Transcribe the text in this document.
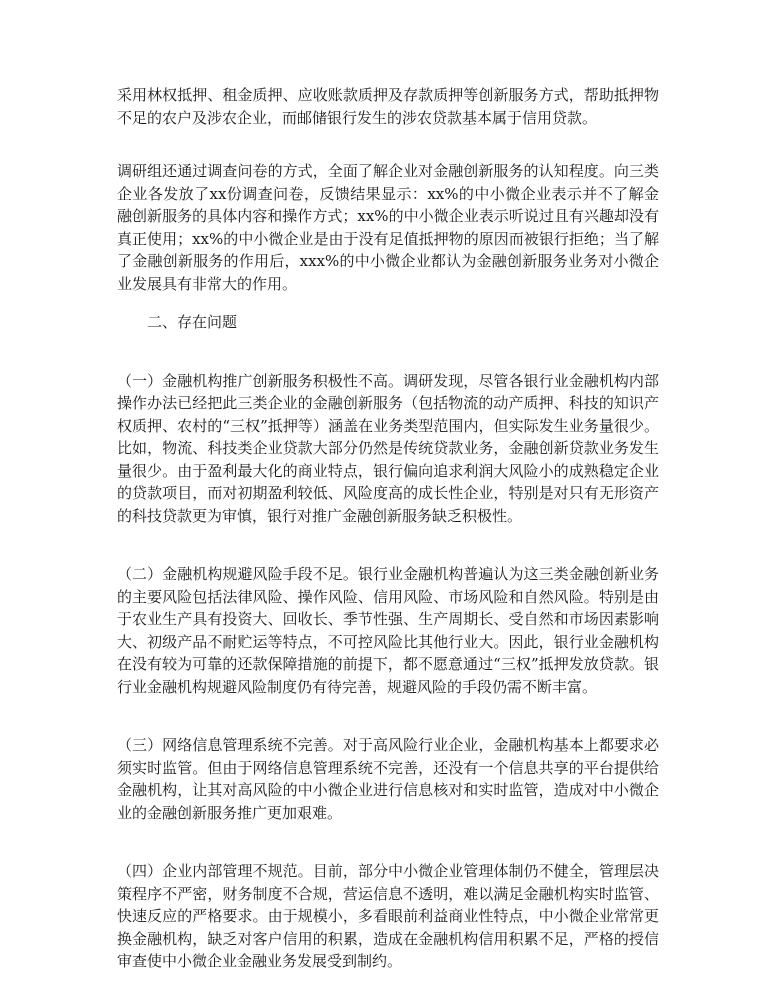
采用林权抵押、租金质押、应收账款质押及存款质押等创新服务方式，帮助抵押物不足的农户及涉农企业，而邮储银行发生的涉农贷款基本属于信用贷款。

调研组还通过调查问卷的方式，全面了解企业对金融创新服务的认知程度。向三类企业各发放了xx份调查问卷，反馈结果显示：xx%的中小微企业表示并不了解金融创新服务的具体内容和操作方式；xx%的中小微企业表示听说过且有兴趣却没有真正使用；xx%的中小微企业是由于没有足值抵押物的原因而被银行拒绝；当了解了金融创新服务的作用后，xxx%的中小微企业都认为金融创新服务业务对小微企业发展具有非常大的作用。

二、存在问题

（一）金融机构推广创新服务积极性不高。调研发现，尽管各银行业金融机构内部操作办法已经把此三类企业的金融创新服务（包括物流的动产质押、科技的知识产权质押、农村的“三权”抵押等）涵盖在业务类型范围内，但实际发生业务量很少。比如，物流、科技类企业贷款大部分仍然是传统贷款业务，金融创新贷款业务发生量很少。由于盈利最大化的商业特点，银行偏向追求利润大风险小的成熟稳定企业的贷款项目，而对初期盈利较低、风险度高的成长性企业，特别是对只有无形资产的科技贷款更为审慎，银行对推广金融创新服务缺乏积极性。

（二）金融机构规避风险手段不足。银行业金融机构普遍认为这三类金融创新业务的主要风险包括法律风险、操作风险、信用风险、市场风险和自然风险。特别是由于农业生产具有投资大、回收长、季节性强、生产周期长、受自然和市场因素影响大、初级产品不耐贮运等特点，不可控风险比其他行业大。因此，银行业金融机构在没有较为可靠的还款保障措施的前提下，都不愿意通过“三权”抵押发放贷款。银行业金融机构规避风险制度仍有待完善，规避风险的手段仍需不断丰富。

（三）网络信息管理系统不完善。对于高风险行业企业，金融机构基本上都要求必须实时监管。但由于网络信息管理系统不完善，还没有一个信息共享的平台提供给金融机构，让其对高风险的中小微企业进行信息核对和实时监管，造成对中小微企业的金融创新服务推广更加艰难。

（四）企业内部管理不规范。目前，部分中小微企业管理体制仍不健全，管理层决策程序不严密，财务制度不合规，营运信息不透明，难以满足金融机构实时监管、快速反应的严格要求。由于规模小，多看眼前利益商业性特点，中小微企业常常更换金融机构，缺乏对客户信用的积累，造成在金融机构信用积累不足，严格的授信审查使中小微企业金融业务发展受到制约。
